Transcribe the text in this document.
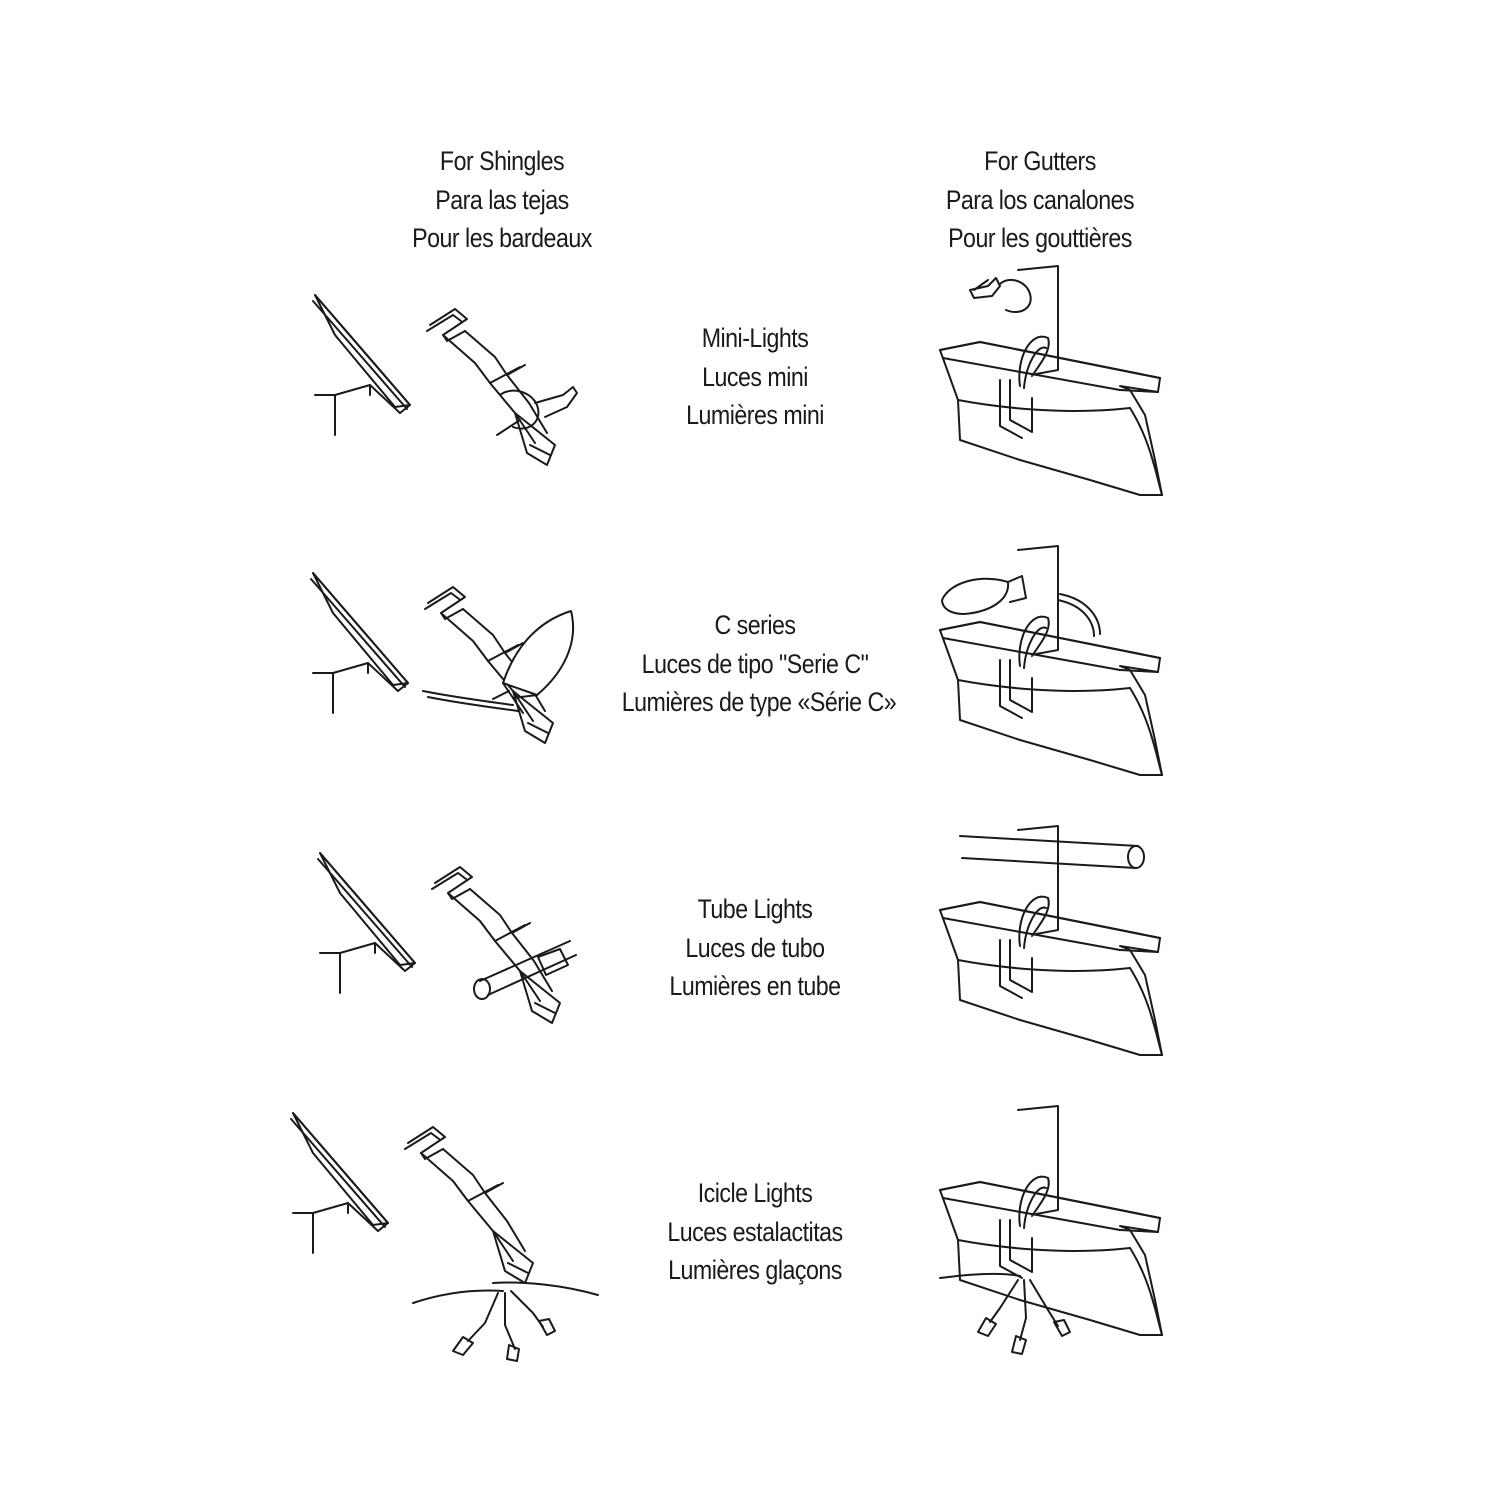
For Shingles
Para las tejas
Pour les bardeaux
For Gutters
Para los canalones
Pour les gouttières
Mini-Lights
Luces mini
Lumières mini
C series
Luces de tipo "Serie C"
Lumières de type «Série C»
Tube Lights
Luces de tubo
Lumières en tube
Icicle Lights
Luces estalactitas
Lumières glaçons
